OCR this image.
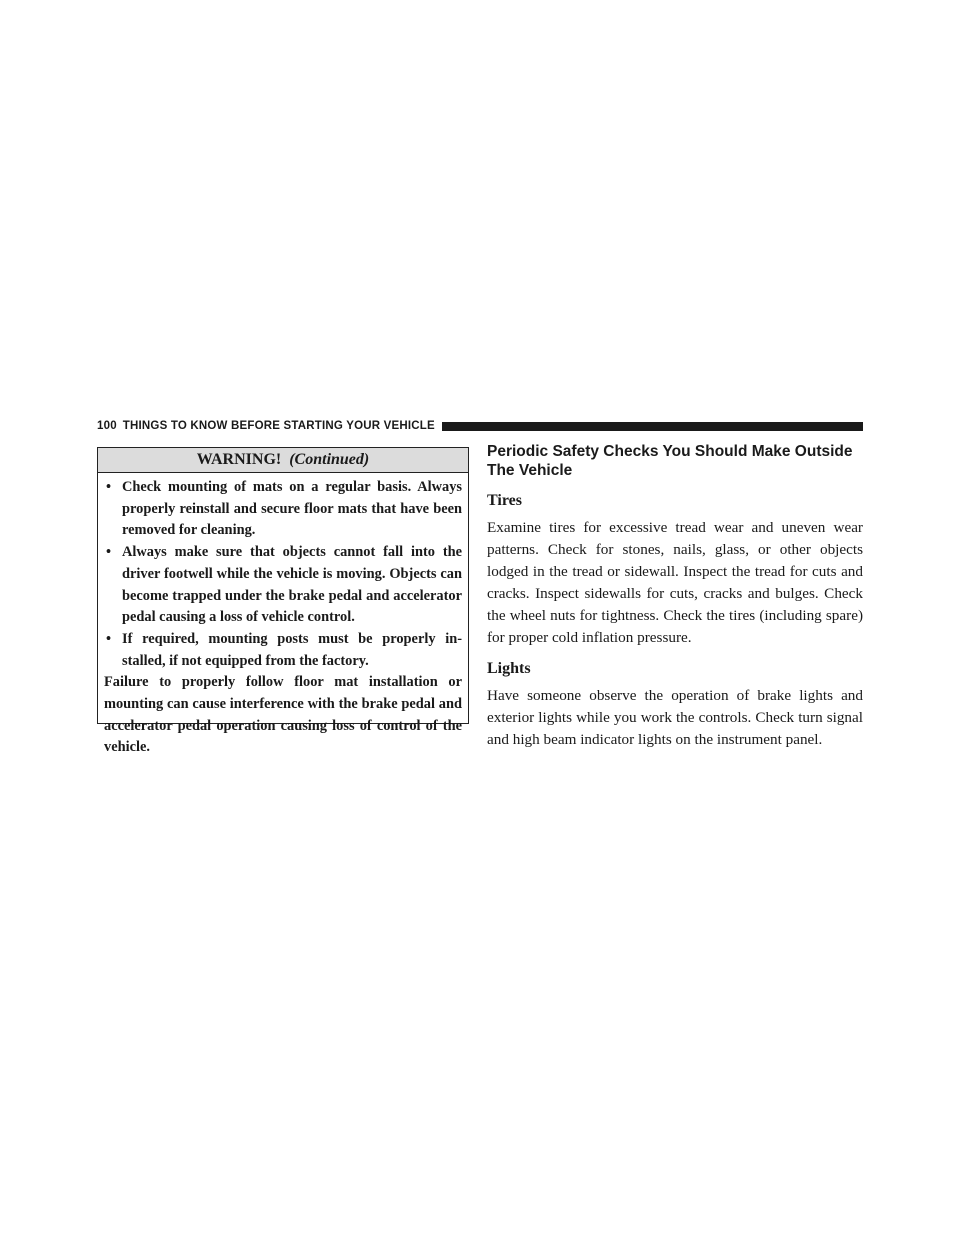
100 THINGS TO KNOW BEFORE STARTING YOUR VEHICLE
WARNING! (Continued)
• Check mounting of mats on a regular basis. Always properly reinstall and secure floor mats that have been removed for cleaning.
• Always make sure that objects cannot fall into the driver footwell while the vehicle is moving. Objects can become trapped under the brake pedal and accelerator pedal causing a loss of vehicle control.
• If required, mounting posts must be properly in-stalled, if not equipped from the factory.

Failure to properly follow floor mat installation or mounting can cause interference with the brake pedal and accelerator pedal operation causing loss of control of the vehicle.

Periodic Safety Checks You Should Make Outside The Vehicle
Tires

Examine tires for excessive tread wear and uneven wear patterns. Check for stones, nails, glass, or other objects lodged in the tread or sidewall. Inspect the tread for cuts and cracks. Inspect sidewalls for cuts, cracks and bulges. Check the wheel nuts for tightness. Check the tires (including spare) for proper cold inflation pressure.

Lights

Have someone observe the operation of brake lights and exterior lights while you work the controls. Check turn signal and high beam indicator lights on the instrument panel.
